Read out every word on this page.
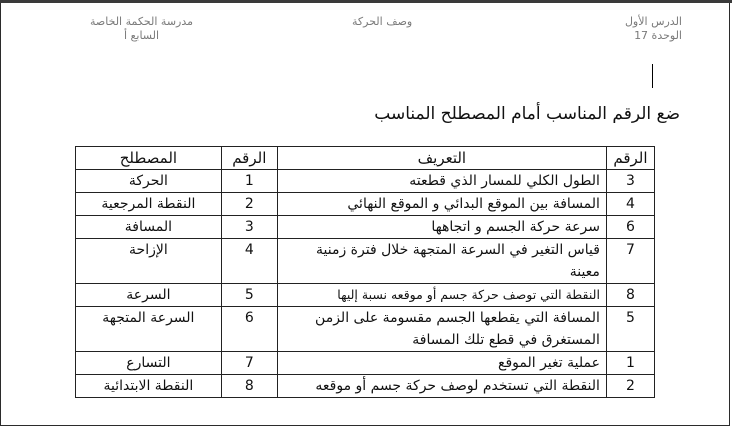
الدرس الأول
الوحدة 17
وصف الحركة
مدرسة الحكمة الخاصة
السابع أ
ضع الرقم المناسب أمام المصطلح المناسب
الرقم	التعريف	الرقم	المصطلح
3	الطول الكلي للمسار الذي قطعته	1	الحركة
4	المسافة بين الموقع البدائي و الموقع النهائي	2	النقطة المرجعية
6	سرعة حركة الجسم و اتجاهها	3	المسافة
7	قياس التغير في السرعة المتجهة خلال فترة زمنية معينة	4	الإزاحة
8	النقطة التي توصف حركة جسم أو موقعه نسبة إليها	5	السرعة
5	المسافة التي يقطعها الجسم مقسومة على الزمن المستغرق في قطع تلك المسافة	6	السرعة المتجهة
1	عملية تغير الموقع	7	التسارع
2	النقطة التي تستخدم لوصف حركة جسم أو موقعه	8	النقطة الابتدائية
